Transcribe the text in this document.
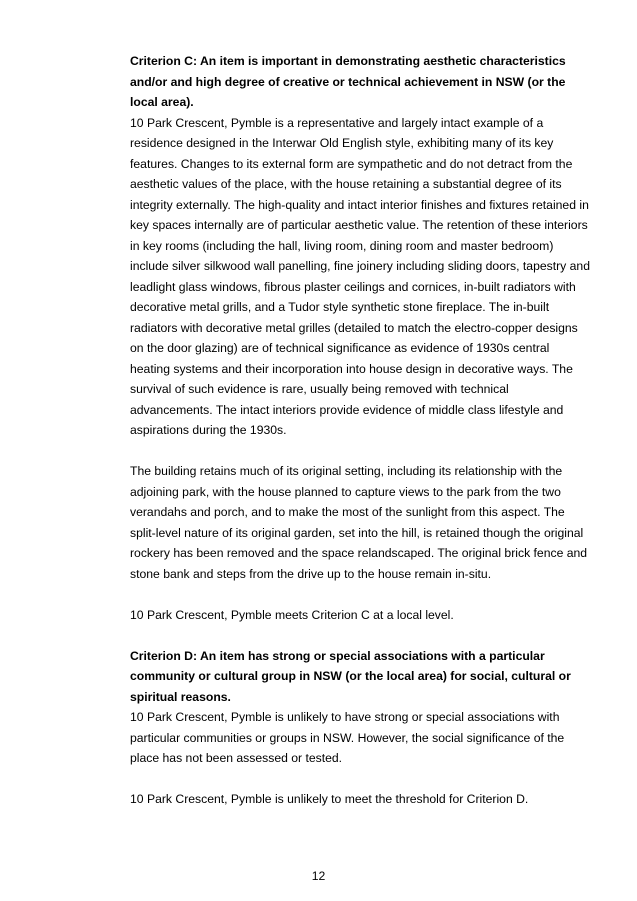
Criterion C: An item is important in demonstrating aesthetic characteristics and/or and high degree of creative or technical achievement in NSW (or the local area).

10 Park Crescent, Pymble is a representative and largely intact example of a residence designed in the Interwar Old English style, exhibiting many of its key features. Changes to its external form are sympathetic and do not detract from the aesthetic values of the place, with the house retaining a substantial degree of its integrity externally. The high-quality and intact interior finishes and fixtures retained in key spaces internally are of particular aesthetic value. The retention of these interiors in key rooms (including the hall, living room, dining room and master bedroom) include silver silkwood wall panelling, fine joinery including sliding doors, tapestry and leadlight glass windows, fibrous plaster ceilings and cornices, in-built radiators with decorative metal grills, and a Tudor style synthetic stone fireplace. The in-built radiators with decorative metal grilles (detailed to match the electro-copper designs on the door glazing) are of technical significance as evidence of 1930s central heating systems and their incorporation into house design in decorative ways. The survival of such evidence is rare, usually being removed with technical advancements. The intact interiors provide evidence of middle class lifestyle and aspirations during the 1930s.

The building retains much of its original setting, including its relationship with the adjoining park, with the house planned to capture views to the park from the two verandahs and porch, and to make the most of the sunlight from this aspect. The split-level nature of its original garden, set into the hill, is retained though the original rockery has been removed and the space relandscaped. The original brick fence and stone bank and steps from the drive up to the house remain in-situ.

10 Park Crescent, Pymble meets Criterion C at a local level.

Criterion D: An item has strong or special associations with a particular community or cultural group in NSW (or the local area) for social, cultural or spiritual reasons.

10 Park Crescent, Pymble is unlikely to have strong or special associations with particular communities or groups in NSW. However, the social significance of the place has not been assessed or tested.

10 Park Crescent, Pymble is unlikely to meet the threshold for Criterion D.

12
